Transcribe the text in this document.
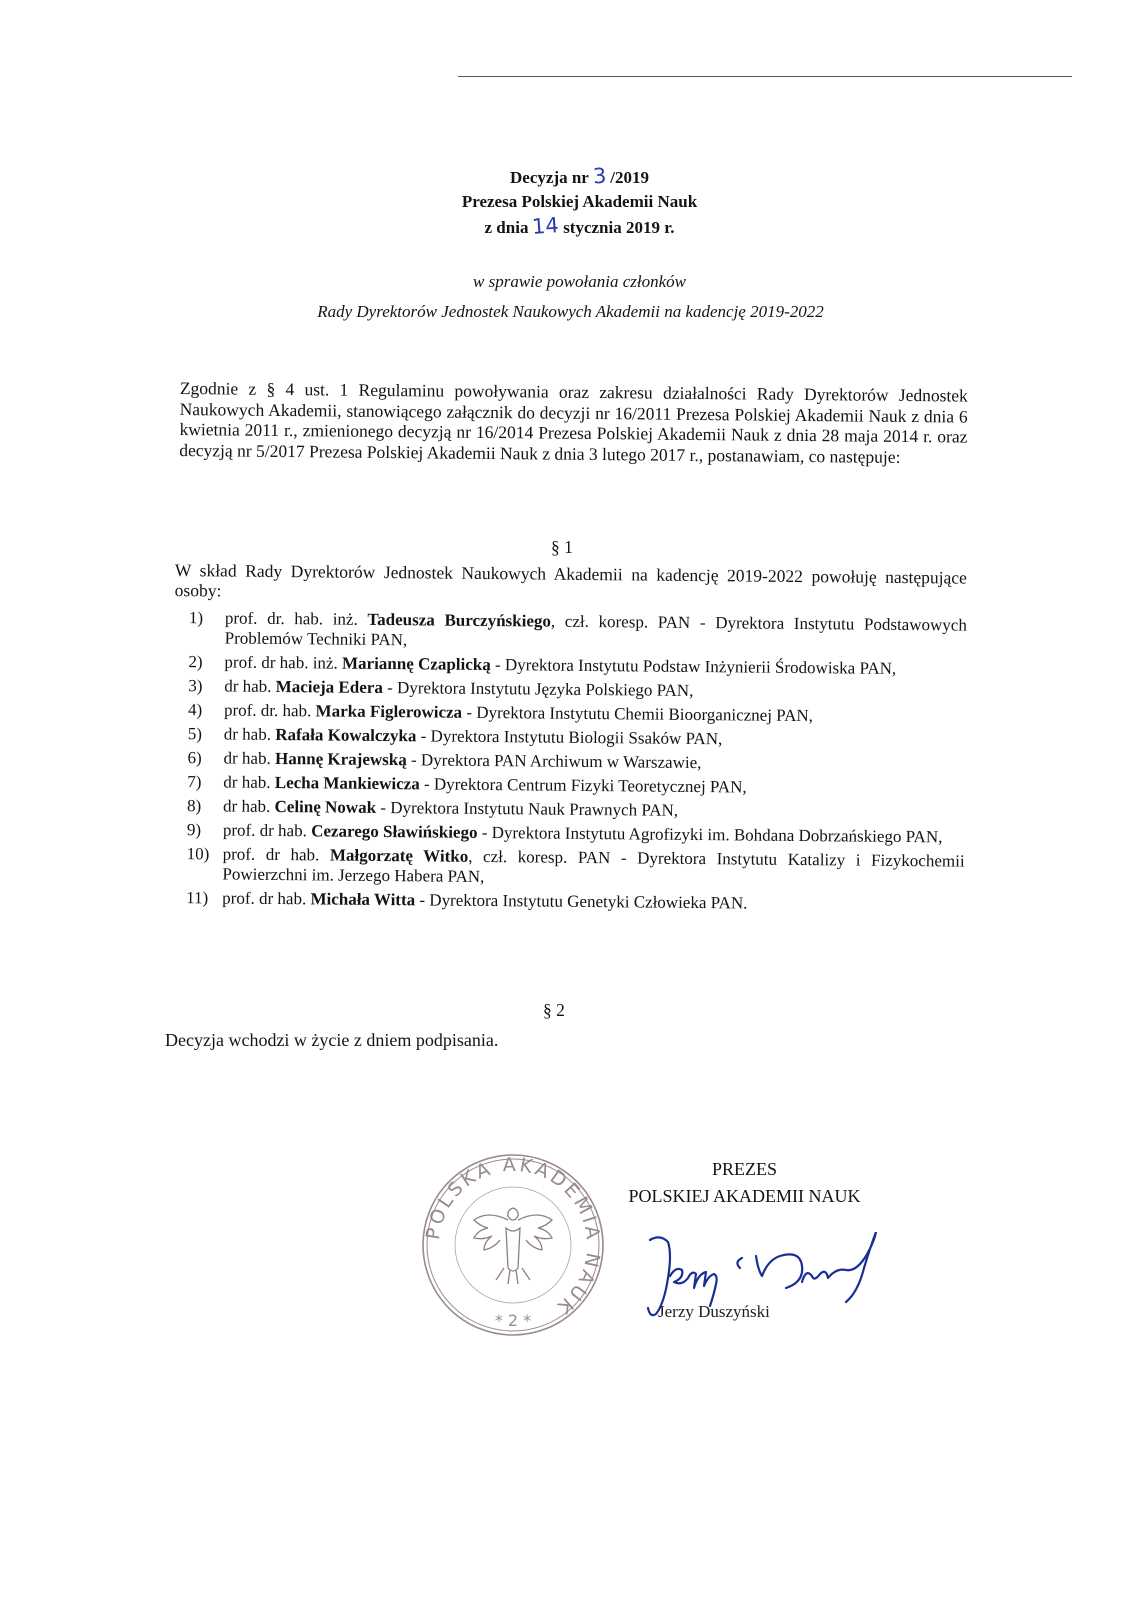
Decyzja nr 3 /2019
Prezesa Polskiej Akademii Nauk
z dnia 14 stycznia 2019 r.
w sprawie powołania członków
Rady Dyrektorów Jednostek Naukowych Akademii na kadencję 2019-2022
Zgodnie z § 4 ust. 1 Regulaminu powoływania oraz zakresu działalności Rady Dyrektorów Jednostek Naukowych Akademii, stanowiącego załącznik do decyzji nr 16/2011 Prezesa Polskiej Akademii Nauk z dnia 6 kwietnia 2011 r., zmienionego decyzją nr 16/2014 Prezesa Polskiej Akademii Nauk z dnia 28 maja 2014 r. oraz decyzją nr 5/2017 Prezesa Polskiej Akademii Nauk z dnia 3 lutego 2017 r., postanawiam, co następuje:
§ 1
W skład Rady Dyrektorów Jednostek Naukowych Akademii na kadencję 2019-2022 powołuję następujące osoby:
1) prof. dr. hab. inż. Tadeusza Burczyńskiego, czł. koresp. PAN - Dyrektora Instytutu Podstawowych Problemów Techniki PAN,
2) prof. dr hab. inż. Mariannę Czaplicką - Dyrektora Instytutu Podstaw Inżynierii Środowiska PAN,
3) dr hab. Macieja Edera - Dyrektora Instytutu Języka Polskiego PAN,
4) prof. dr. hab. Marka Figlerowicza - Dyrektora Instytutu Chemii Bioorganicznej PAN,
5) dr hab. Rafała Kowalczyka - Dyrektora Instytutu Biologii Ssaków PAN,
6) dr hab. Hannę Krajewską - Dyrektora PAN Archiwum w Warszawie,
7) dr hab. Lecha Mankiewicza - Dyrektora Centrum Fizyki Teoretycznej PAN,
8) dr hab. Celinę Nowak - Dyrektora Instytutu Nauk Prawnych PAN,
9) prof. dr hab. Cezarego Sławińskiego - Dyrektora Instytutu Agrofizyki im. Bohdana Dobrzańskiego PAN,
10) prof. dr hab. Małgorzatę Witko, czł. koresp. PAN - Dyrektora Instytutu Katalizy i Fizykochemii Powierzchni im. Jerzego Habera PAN,
11) prof. dr hab. Michała Witta - Dyrektora Instytutu Genetyki Człowieka PAN.
§ 2
Decyzja wchodzi w życie z dniem podpisania.
PREZES
POLSKIEJ AKADEMII NAUK
POLSKA AKADEMIA NAUK
* 2 *	Jerzy Duszyński
